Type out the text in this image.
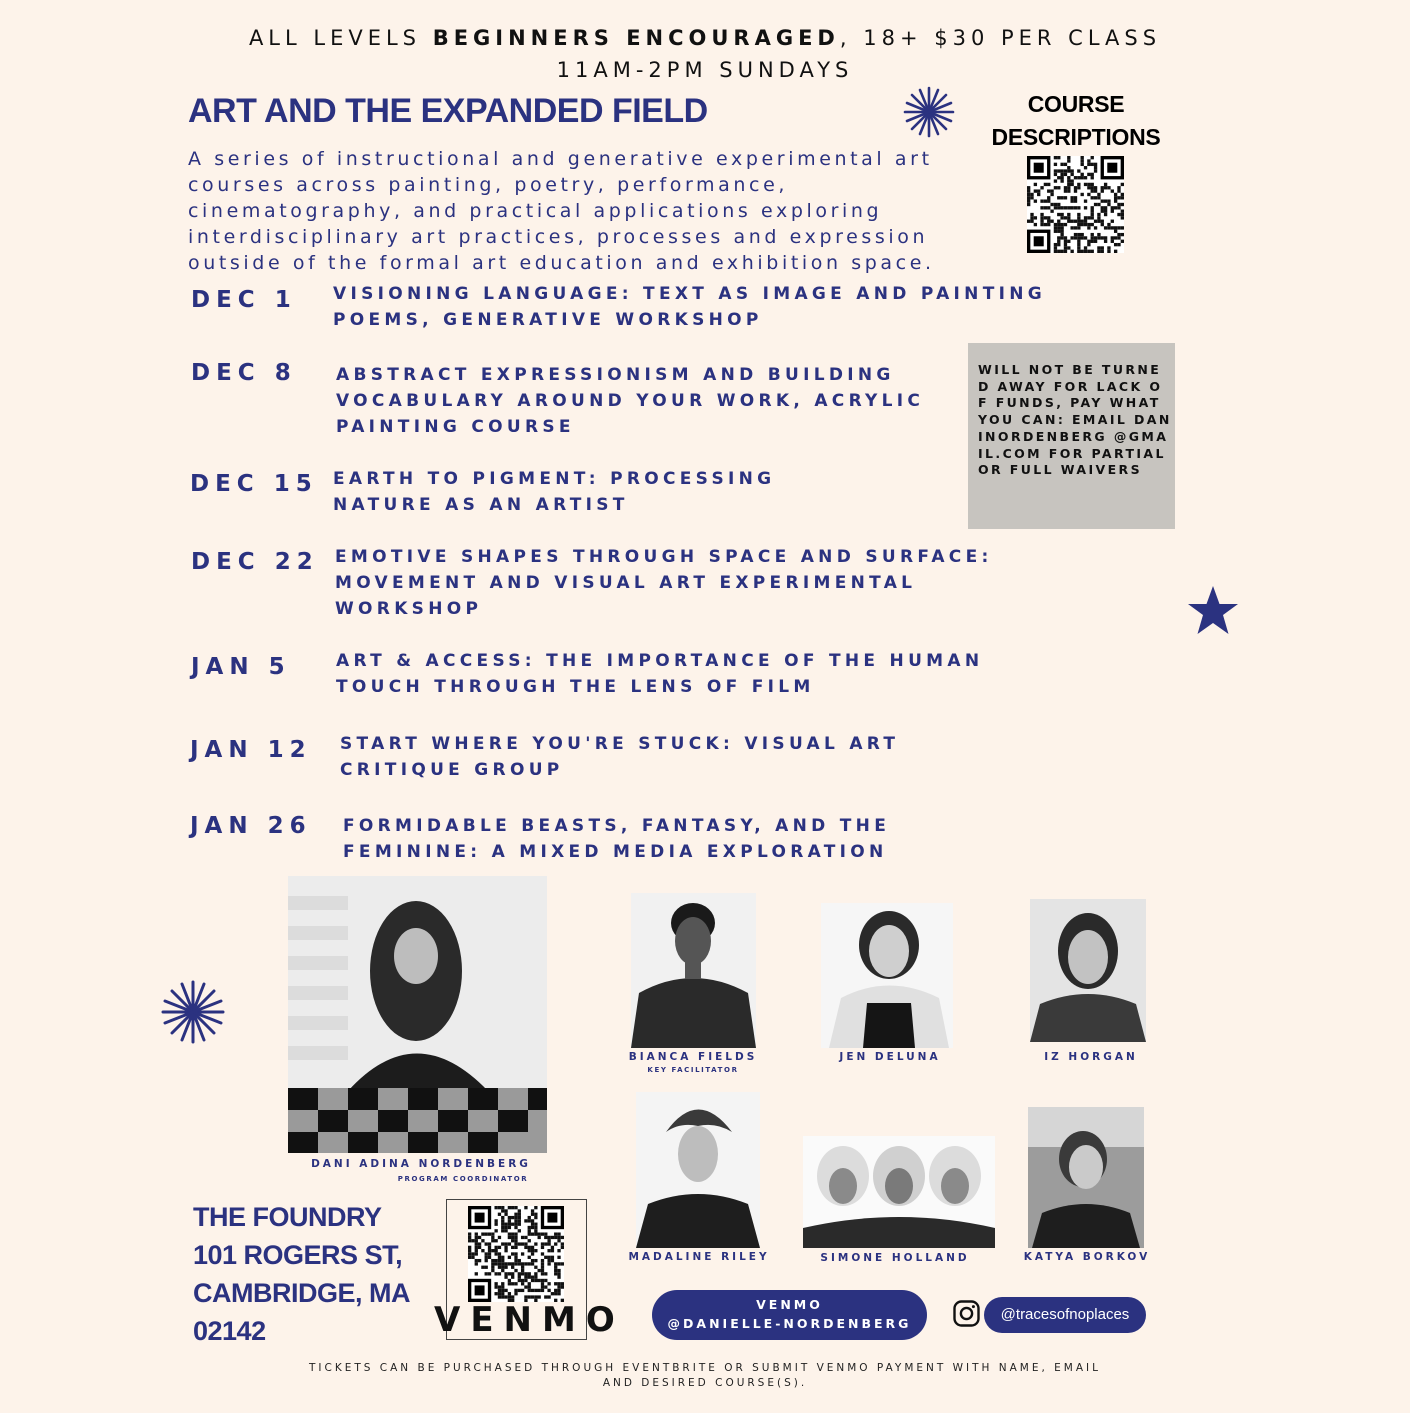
ALL LEVELS BEGINNERS ENCOURAGED, 18+ $30 PER CLASS
11AM-2PM SUNDAYS
ART AND THE EXPANDED FIELD
A series of instructional and generative experimental art courses across painting, poetry, performance, cinematography, and practical applications exploring interdisciplinary art practices, processes and expression outside of the formal art education and exhibition space.
COURSE
DESCRIPTIONS
DEC 1 VISIONING LANGUAGE: TEXT AS IMAGE AND PAINTING POEMS, GENERATIVE WORKSHOP
DEC 8 ABSTRACT EXPRESSIONISM AND BUILDING VOCABULARY AROUND YOUR WORK, ACRYLIC PAINTING COURSE
DEC 15 EARTH TO PIGMENT: PROCESSING NATURE AS AN ARTIST
DEC 22 EMOTIVE SHAPES THROUGH SPACE AND SURFACE: MOVEMENT AND VISUAL ART EXPERIMENTAL WORKSHOP
JAN 5	ART & ACCESS: THE IMPORTANCE OF THE HUMAN TOUCH THROUGH THE LENS OF FILM
JAN 12 START WHERE YOU'RE STUCK: VISUAL ART CRITIQUE GROUP
JAN 26 FORMIDABLE BEASTS, FANTASY, AND THE FEMININE: A MIXED MEDIA EXPLORATION
WILL NOT BE TURNED AWAY FOR LACK OF FUNDS, PAY WHAT YOU CAN: EMAIL DANINORDENBERG @GMAIL.COM FOR PARTIAL OR FULL WAIVERS
DANI ADINA NORDENBERG
PROGRAM COORDINATOR
BIANCA FIELDS
KEY FACILITATOR
JEN DELUNA	IZ HORGAN
MADALINE RILEY	SIMONE HOLLAND	KATYA BORKOV
THE FOUNDRY
101 ROGERS ST,
CAMBRIDGE, MA
02142	VENMO	VENMO
@DANIELLE-NORDENBERG
@tracesofnoplaces
TICKETS CAN BE PURCHASED THROUGH EVENTBRITE OR SUBMIT VENMO PAYMENT WITH NAME, EMAIL AND DESIRED COURSE(S).
